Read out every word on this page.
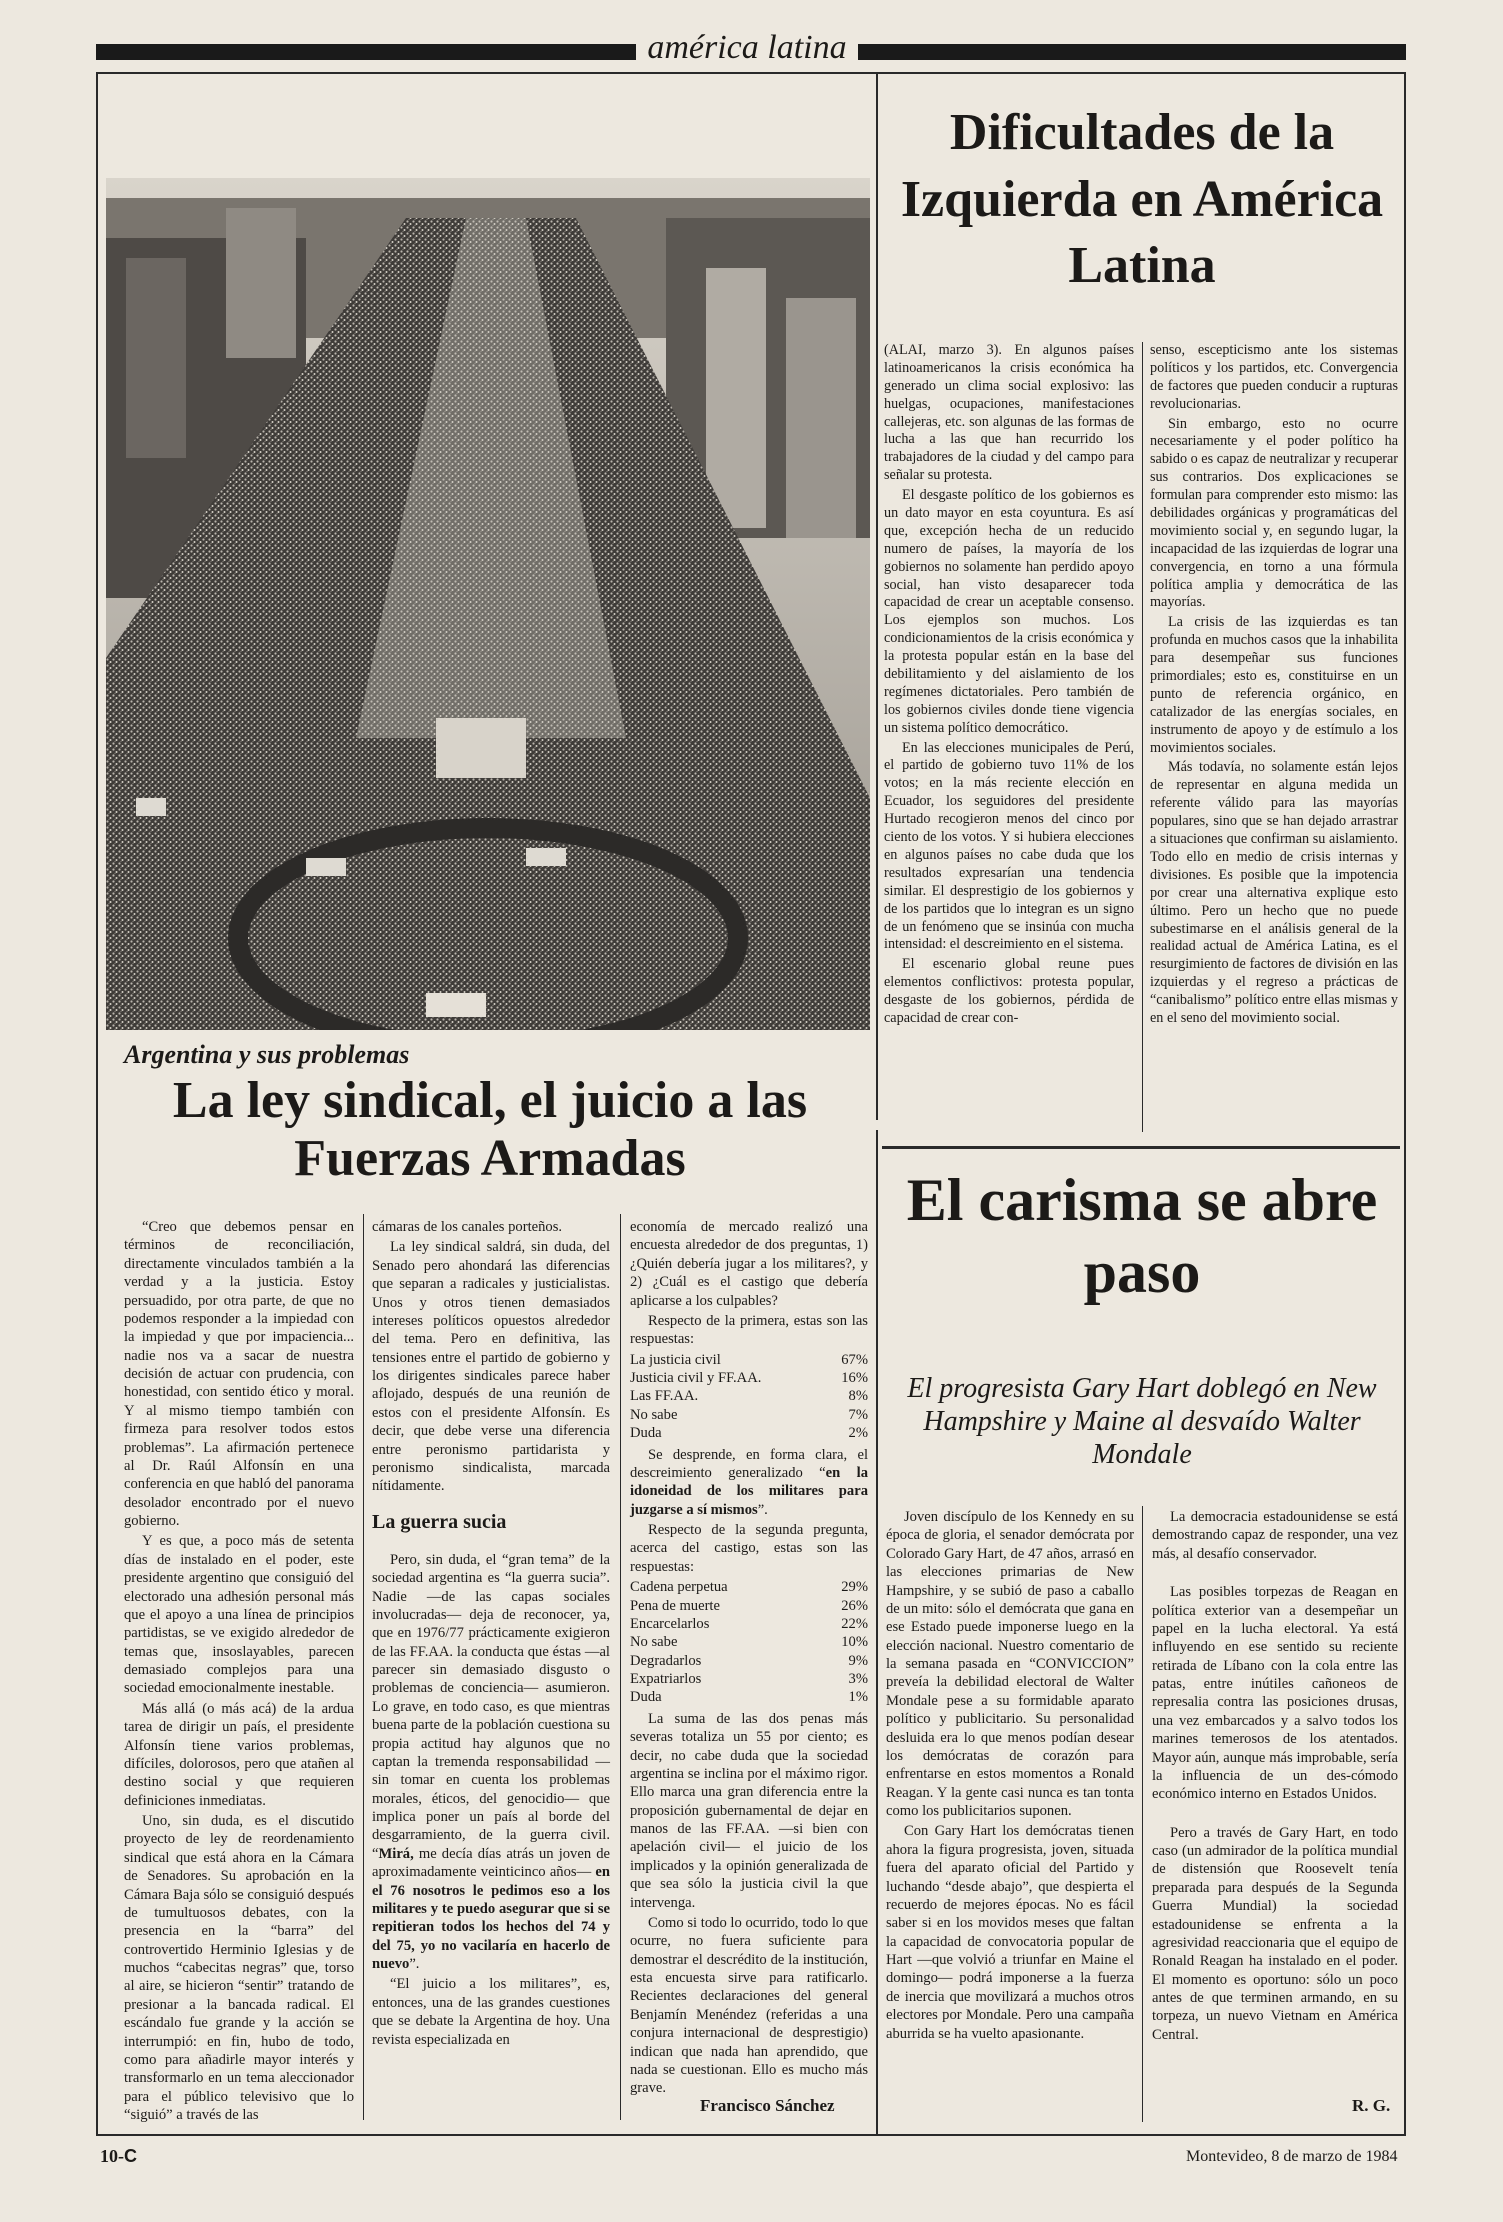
américa latina
Argentina y sus problemas
La ley sindical, el juicio a las Fuerzas Armadas

“Creo que debemos pensar en términos de reconciliación, directamente vinculados también a la verdad y a la justicia. Estoy persuadido, por otra parte, de que no podemos responder a la impiedad con la impiedad y que por impaciencia... nadie nos va a sacar de nuestra decisión de actuar con prudencia, con honestidad, con sentido ético y moral. Y al mismo tiempo también con firmeza para resolver todos estos problemas”. La afirmación pertenece al Dr. Raúl Alfonsín en una conferencia en que habló del panorama desolador encontrado por el nuevo gobierno.

Y es que, a poco más de setenta días de instalado en el poder, este presidente argentino que consiguió del electorado una adhesión personal más que el apoyo a una línea de principios partidistas, se ve exigido alrededor de temas que, insoslayables, parecen demasiado complejos para una sociedad emocionalmente inestable.

Más allá (o más acá) de la ardua tarea de dirigir un país, el presidente Alfonsín tiene varios problemas, difíciles, dolorosos, pero que atañen al destino social y que requieren definiciones inmediatas.

Uno, sin duda, es el discutido proyecto de ley de reordenamiento sindical que está ahora en la Cámara de Senadores. Su aprobación en la Cámara Baja sólo se consiguió después de tumultuosos debates, con la presencia en la “barra” del controvertido Herminio Iglesias y de muchos “cabecitas negras” que, torso al aire, se hicieron “sentir” tratando de presionar a la bancada radical. El escándalo fue grande y la acción se interrumpió: en fin, hubo de todo, como para añadirle mayor interés y transformarlo en un tema aleccionador para el público televisivo que lo “siguió” a través de las

cámaras de los canales porteños.

La ley sindical saldrá, sin duda, del Senado pero ahondará las diferencias que separan a radicales y justicialistas. Unos y otros tienen demasiados intereses políticos opuestos alrededor del tema. Pero en definitiva, las tensiones entre el partido de gobierno y los dirigentes sindicales parece haber aflojado, después de una reunión de estos con el presidente Alfonsín. Es decir, que debe verse una diferencia entre peronismo partidarista y peronismo sindicalista, marcada nítidamente.

La guerra sucia

Pero, sin duda, el “gran tema” de la sociedad argentina es “la guerra sucia”. Nadie —de las capas sociales involucradas— deja de reconocer, ya, que en 1976/77 prácticamente exigieron de las FF.AA. la conducta que éstas —al parecer sin demasiado disgusto o problemas de conciencia— asumieron. Lo grave, en todo caso, es que mientras buena parte de la población cuestiona su propia actitud hay algunos que no captan la tremenda responsabilidad —sin tomar en cuenta los problemas morales, éticos, del genocidio— que implica poner un país al borde del desgarramiento, de la guerra civil. “Mirá, me decía días atrás un joven de aproximadamente veinticinco años— en el 76 nosotros le pedimos eso a los militares y te puedo asegurar que si se repitieran todos los hechos del 74 y del 75, yo no vacilaría en hacerlo de nuevo”.

“El juicio a los militares”, es, entonces, una de las grandes cuestiones que se debate la Argentina de hoy. Una revista especializada en

economía de mercado realizó una encuesta alrededor de dos preguntas, 1) ¿Quién debería jugar a los militares?, y 2) ¿Cuál es el castigo que debería aplicarse a los culpables?

Respecto de la primera, estas son las respuestas:

La justicia civil	67%
Justicia civil y FF.AA.	16%
Las FF.AA.	8%
No sabe	7%
Duda	2%

Se desprende, en forma clara, el descreimiento generalizado “en la idoneidad de los militares para juzgarse a sí mismos”.

Respecto de la segunda pregunta, acerca del castigo, estas son las respuestas:

Cadena perpetua	29%
Pena de muerte	26%
Encarcelarlos	22%
No sabe	10%
Degradarlos	9%
Expatriarlos	3%
Duda	1%

La suma de las dos penas más severas totaliza un 55 por ciento; es decir, no cabe duda que la sociedad argentina se inclina por el máximo rigor. Ello marca una gran diferencia entre la proposición gubernamental de dejar en manos de las FF.AA. —si bien con apelación civil— el juicio de los implicados y la opinión generalizada de que sea sólo la justicia civil la que intervenga.

Como si todo lo ocurrido, todo lo que ocurre, no fuera suficiente para demostrar el descrédito de la institución, esta encuesta sirve para ratificarlo. Recientes declaraciones del general Benjamín Menéndez (referidas a una conjura internacional de desprestigio) indican que nada han aprendido, que nada se cuestionan. Ello es mucho más grave.

Francisco Sánchez
Dificultades de la Izquierda en América Latina

(ALAI, marzo 3). En algunos países latinoamericanos la crisis económica ha generado un clima social explosivo: las huelgas, ocupaciones, manifestaciones callejeras, etc. son algunas de las formas de lucha a las que han recurrido los trabajadores de la ciudad y del campo para señalar su protesta.

El desgaste político de los gobiernos es un dato mayor en esta coyuntura. Es así que, excepción hecha de un reducido numero de países, la mayoría de los gobiernos no solamente han perdido apoyo social, han visto desaparecer toda capacidad de crear un aceptable consenso. Los ejemplos son muchos. Los condicionamientos de la crisis económica y la protesta popular están en la base del debilitamiento y del aislamiento de los regímenes dictatoriales. Pero también de los gobiernos civiles donde tiene vigencia un sistema político democrático.

En las elecciones municipales de Perú, el partido de gobierno tuvo 11% de los votos; en la más reciente elección en Ecuador, los seguidores del presidente Hurtado recogieron menos del cinco por ciento de los votos. Y si hubiera elecciones en algunos países no cabe duda que los resultados expresarían una tendencia similar. El desprestigio de los gobiernos y de los partidos que lo integran es un signo de un fenómeno que se insinúa con mucha intensidad: el descreimiento en el sistema.

El escenario global reune pues elementos conflictivos: protesta popular, desgaste de los gobiernos, pérdida de capacidad de crear con-

senso, escepticismo ante los sistemas políticos y los partidos, etc. Convergencia de factores que pueden conducir a rupturas revolucionarias.

Sin embargo, esto no ocurre necesariamente y el poder político ha sabido o es capaz de neutralizar y recuperar sus contrarios. Dos explicaciones se formulan para comprender esto mismo: las debilidades orgánicas y programáticas del movimiento social y, en segundo lugar, la incapacidad de las izquierdas de lograr una convergencia, en torno a una fórmula política amplia y democrática de las mayorías.

La crisis de las izquierdas es tan profunda en muchos casos que la inhabilita para desempeñar sus funciones primordiales; esto es, constituirse en un punto de referencia orgánico, en catalizador de las energías sociales, en instrumento de apoyo y de estímulo a los movimientos sociales.

Más todavía, no solamente están lejos de representar en alguna medida un referente válido para las mayorías populares, sino que se han dejado arrastrar a situaciones que confirman su aislamiento. Todo ello en medio de crisis internas y divisiones. Es posible que la impotencia por crear una alternativa explique esto último. Pero un hecho que no puede subestimarse en el análisis general de la realidad actual de América Latina, es el resurgimiento de factores de división en las izquierdas y el regreso a prácticas de “canibalismo” político entre ellas mismas y en el seno del movimiento social.

El carisma se abre paso
El progresista Gary Hart doblegó en New Hampshire y Maine al desvaído Walter Mondale

Joven discípulo de los Kennedy en su época de gloria, el senador demócrata por Colorado Gary Hart, de 47 años, arrasó en las elecciones primarias de New Hampshire, y se subió de paso a caballo de un mito: sólo el demócrata que gana en ese Estado puede imponerse luego en la elección nacional. Nuestro comentario de la semana pasada en “CONVICCION” preveía la debilidad electoral de Walter Mondale pese a su formidable aparato político y publicitario. Su personalidad desluida era lo que menos podían desear los demócratas de corazón para enfrentarse en estos momentos a Ronald Reagan. Y la gente casi nunca es tan tonta como los publicitarios suponen.

Con Gary Hart los demócratas tienen ahora la figura progresista, joven, situada fuera del aparato oficial del Partido y luchando “desde abajo”, que despierta el recuerdo de mejores épocas. No es fácil saber si en los movidos meses que faltan la capacidad de convocatoria popular de Hart —que volvió a triunfar en Maine el domingo— podrá imponerse a la fuerza de inercia que movilizará a muchos otros electores por Mondale. Pero una campaña aburrida se ha vuelto apasionante.

La democracia estadounidense se está demostrando capaz de responder, una vez más, al desafío conservador.

Las posibles torpezas de Reagan en política exterior van a desempeñar un papel en la lucha electoral. Ya está influyendo en ese sentido su reciente retirada de Líbano con la cola entre las patas, entre inútiles cañoneos de represalia contra las posiciones drusas, una vez embarcados y a salvo todos los marines temerosos de los atentados. Mayor aún, aunque más improbable, sería la influencia de un des-cómodo económico interno en Estados Unidos.

Pero a través de Gary Hart, en todo caso (un admirador de la política mundial de distensión que Roosevelt tenía preparada para después de la Segunda Guerra Mundial) la sociedad estadounidense se enfrenta a la agresividad reaccionaria que el equipo de Ronald Reagan ha instalado en el poder. El momento es oportuno: sólo un poco antes de que terminen armando, en su torpeza, un nuevo Vietnam en América Central.

R. G.
10-C	Montevideo, 8 de marzo de 1984
